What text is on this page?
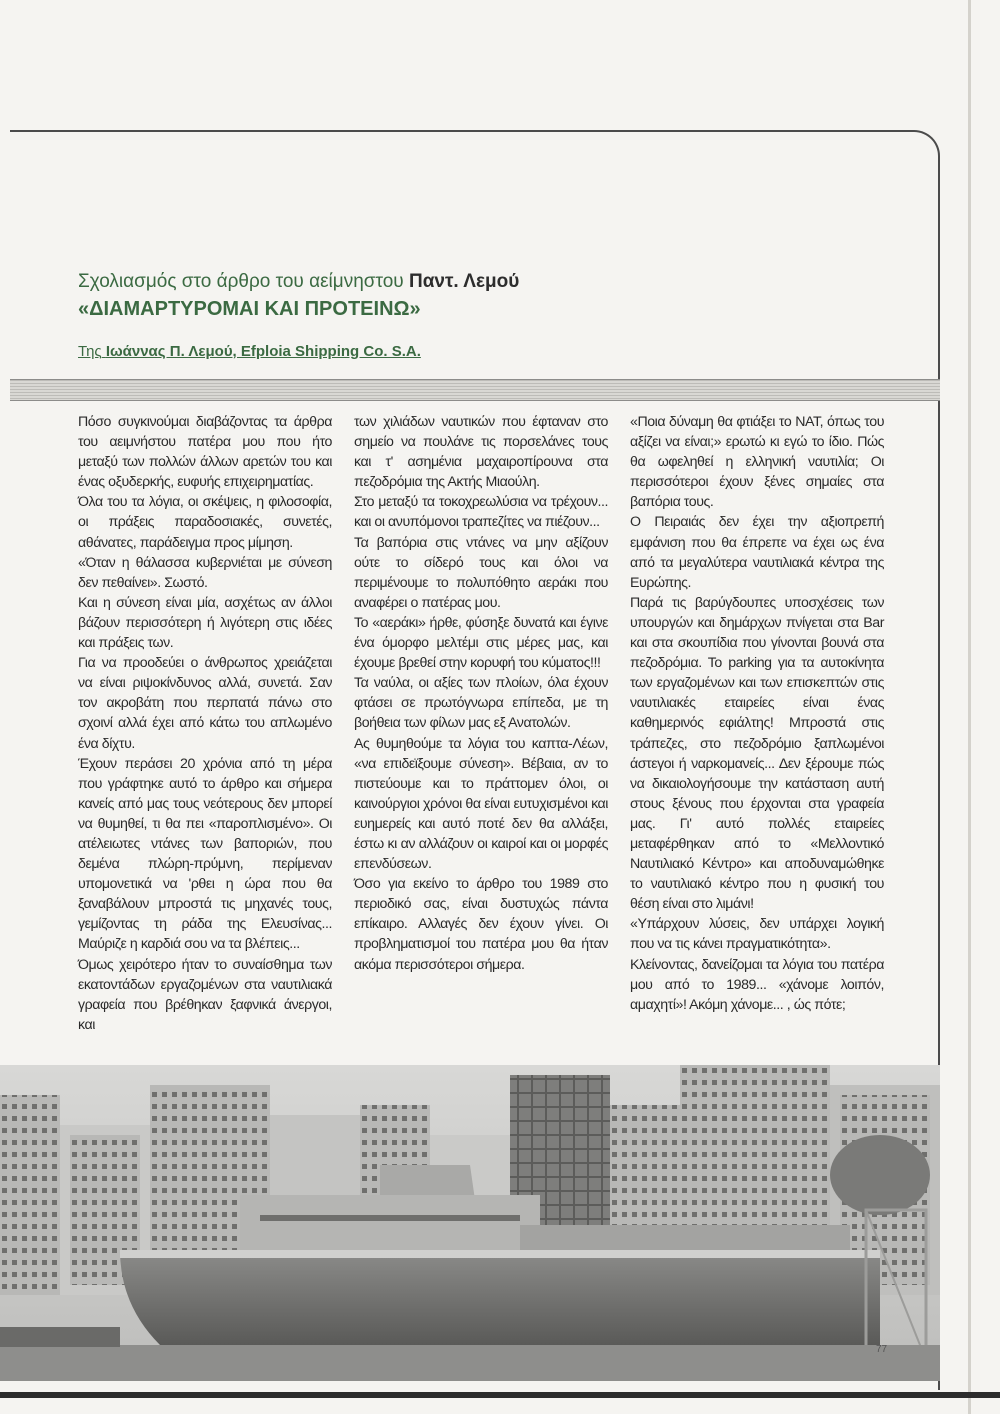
Σχολιασμός στο άρθρο του αείμνηστου Παντ. Λεμού
«ΔΙΑΜΑΡΤΥΡΟΜΑΙ ΚΑΙ ΠΡΟΤΕΙΝΩ»
Της Ιωάννας Π. Λεμού, Efploia Shipping Co. S.A.

Πόσο συγκινούμαι διαβάζοντας τα άρθρα του αειμνήστου πατέρα μου που ήτο μεταξύ των πολλών άλλων αρετών του και ένας οξυδερκής, ευφυής επιχειρηματίας.

Όλα του τα λόγια, οι σκέψεις, η φιλοσοφία, οι πράξεις παραδοσιακές, συνετές, αθάνατες, παράδειγμα προς μίμηση.

«Όταν η θάλασσα κυβερνιέται με σύνεση δεν πεθαίνει». Σωστό.

Και η σύνεση είναι μία, ασχέτως αν άλλοι βάζουν περισσότερη ή λιγότερη στις ιδέες και πράξεις των.

Για να προοδεύει ο άνθρωπος χρειάζεται να είναι ριψοκίνδυνος αλλά, συνετά. Σαν τον ακροβάτη που περπατά πάνω στο σχοινί αλλά έχει από κάτω του απλωμένο ένα δίχτυ.

Έχουν περάσει 20 χρόνια από τη μέρα που γράφτηκε αυτό το άρθρο και σήμερα κανείς από μας τους νεότερους δεν μπορεί να θυμηθεί, τι θα πει «παροπλισμένο». Οι ατέλειωτες ντάνες των βαποριών, που δεμένα πλώρη-πρύμνη, περίμεναν υπομονετικά να 'ρθει η ώρα που θα ξαναβάλουν μπροστά τις μηχανές τους, γεμίζοντας τη ράδα της Ελευσίνας... Μαύριζε η καρδιά σου να τα βλέπεις...

Όμως χειρότερο ήταν το συναίσθημα των εκατοντάδων εργαζομένων στα ναυτιλιακά γραφεία που βρέθηκαν ξαφνικά άνεργοι, και

των χιλιάδων ναυτικών που έφταναν στο σημείο να πουλάνε τις πορσελάνες τους και τ' ασημένια μαχαιροπίρουνα στα πεζοδρόμια της Ακτής Μιαούλη.

Στο μεταξύ τα τοκοχρεωλύσια να τρέχουν... και οι ανυπόμονοι τραπεζίτες να πιέζουν...

Τα βαπόρια στις ντάνες να μην αξίζουν ούτε το σίδερό τους και όλοι να περιμένουμε το πολυπόθητο αεράκι που αναφέρει ο πατέρας μου.

Το «αεράκι» ήρθε, φύσηξε δυνατά και έγινε ένα όμορφο μελτέμι στις μέρες μας, και έχουμε βρεθεί στην κορυφή του κύματος!!!

Τα ναύλα, οι αξίες των πλοίων, όλα έχουν φτάσει σε πρωτόγνωρα επίπεδα, με τη βοήθεια των φίλων μας εξ Ανατολών.

Ας θυμηθούμε τα λόγια του καπτα-Λέων, «να επιδεϊξουμε σύνεση». Βέβαια, αν το πιστεύουμε και το πράττομεν όλοι, οι καινούργιοι χρόνοι θα είναι ευτυχισμένοι και ευημερείς και αυτό ποτέ δεν θα αλλάξει, έστω κι αν αλλάζουν οι καιροί και οι μορφές επενδύσεων.

Όσο για εκείνο το άρθρο του 1989 στο περιοδικό σας, είναι δυστυχώς πάντα επίκαιρο. Αλλαγές δεν έχουν γίνει. Οι προβληματισμοί του πατέρα μου θα ήταν ακόμα περισσότεροι σήμερα.

«Ποια δύναμη θα φτιάξει το ΝΑΤ, όπως του αξίζει να είναι;» ερωτώ κι εγώ το ίδιο. Πώς θα ωφεληθεί η ελληνική ναυτιλία; Οι περισσότεροι έχουν ξένες σημαίες στα βαπόρια τους.

Ο Πειραιάς δεν έχει την αξιοπρεπή εμφάνιση που θα έπρεπε να έχει ως ένα από τα μεγαλύτερα ναυτιλιακά κέντρα της Ευρώπης.

Παρά τις βαρύγδουπες υποσχέσεις των υπουργών και δημάρχων πνίγεται στα Bar και στα σκουπίδια που γίνονται βουνά στα πεζοδρόμια. Το parking για τα αυτοκίνητα των εργαζομένων και των επισκεπτών στις ναυτιλιακές εταιρείες είναι ένας καθημερινός εφιάλτης! Μπροστά στις τράπεζες, στο πεζοδρόμιο ξαπλωμένοι άστεγοι ή ναρκομανείς... Δεν ξέρουμε πώς να δικαιολογήσουμε την κατάσταση αυτή στους ξένους που έρχονται στα γραφεία μας. Γι' αυτό πολλές εταιρείες μεταφέρθηκαν από το «Μελλοντικό Ναυτιλιακό Κέντρο» και αποδυναμώθηκε το ναυτιλιακό κέντρο που η φυσική του θέση είναι στο λιμάνι!

«Υπάρχουν λύσεις, δεν υπάρχει λογική που να τις κάνει πραγματικότητα».

Κλείνοντας, δανείζομαι τα λόγια του πατέρα μου από το 1989... «χάνομε λοιπόν, αμαχητί»! Ακόμη χάνομε... , ώς πότε;

77
